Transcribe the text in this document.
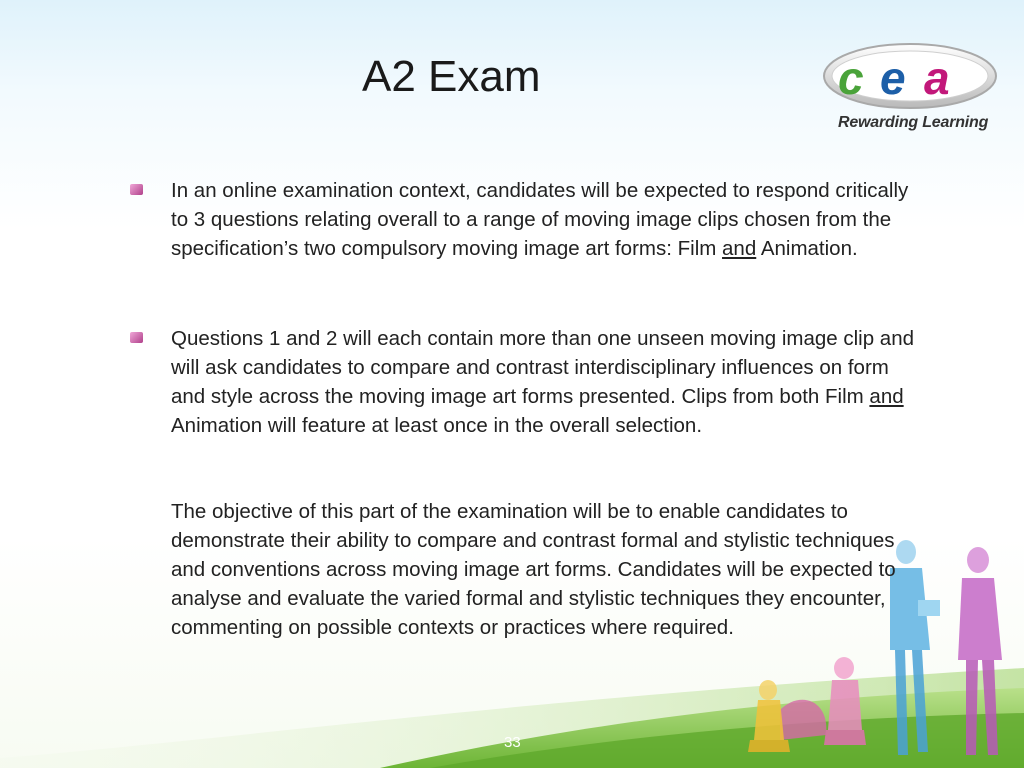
A2 Exam	c e a
Rewarding Learning
In an online examination context, candidates will be expected to respond critically to 3 questions relating overall to a range of moving image clips chosen from the specification’s two compulsory moving image art forms: Film and Animation.
Questions 1 and 2 will each contain more than one unseen moving image clip and will ask candidates to compare and contrast interdisciplinary influences on form and style across the moving image art forms presented. Clips from both Film and Animation will feature at least once in the overall selection.
The objective of this part of the examination will be to enable candidates to demonstrate their ability to compare and contrast formal and stylistic techniques and conventions across moving image art forms. Candidates will be expected to analyse and evaluate the varied formal and stylistic techniques they encounter, commenting on possible contexts or practices where required.
33
